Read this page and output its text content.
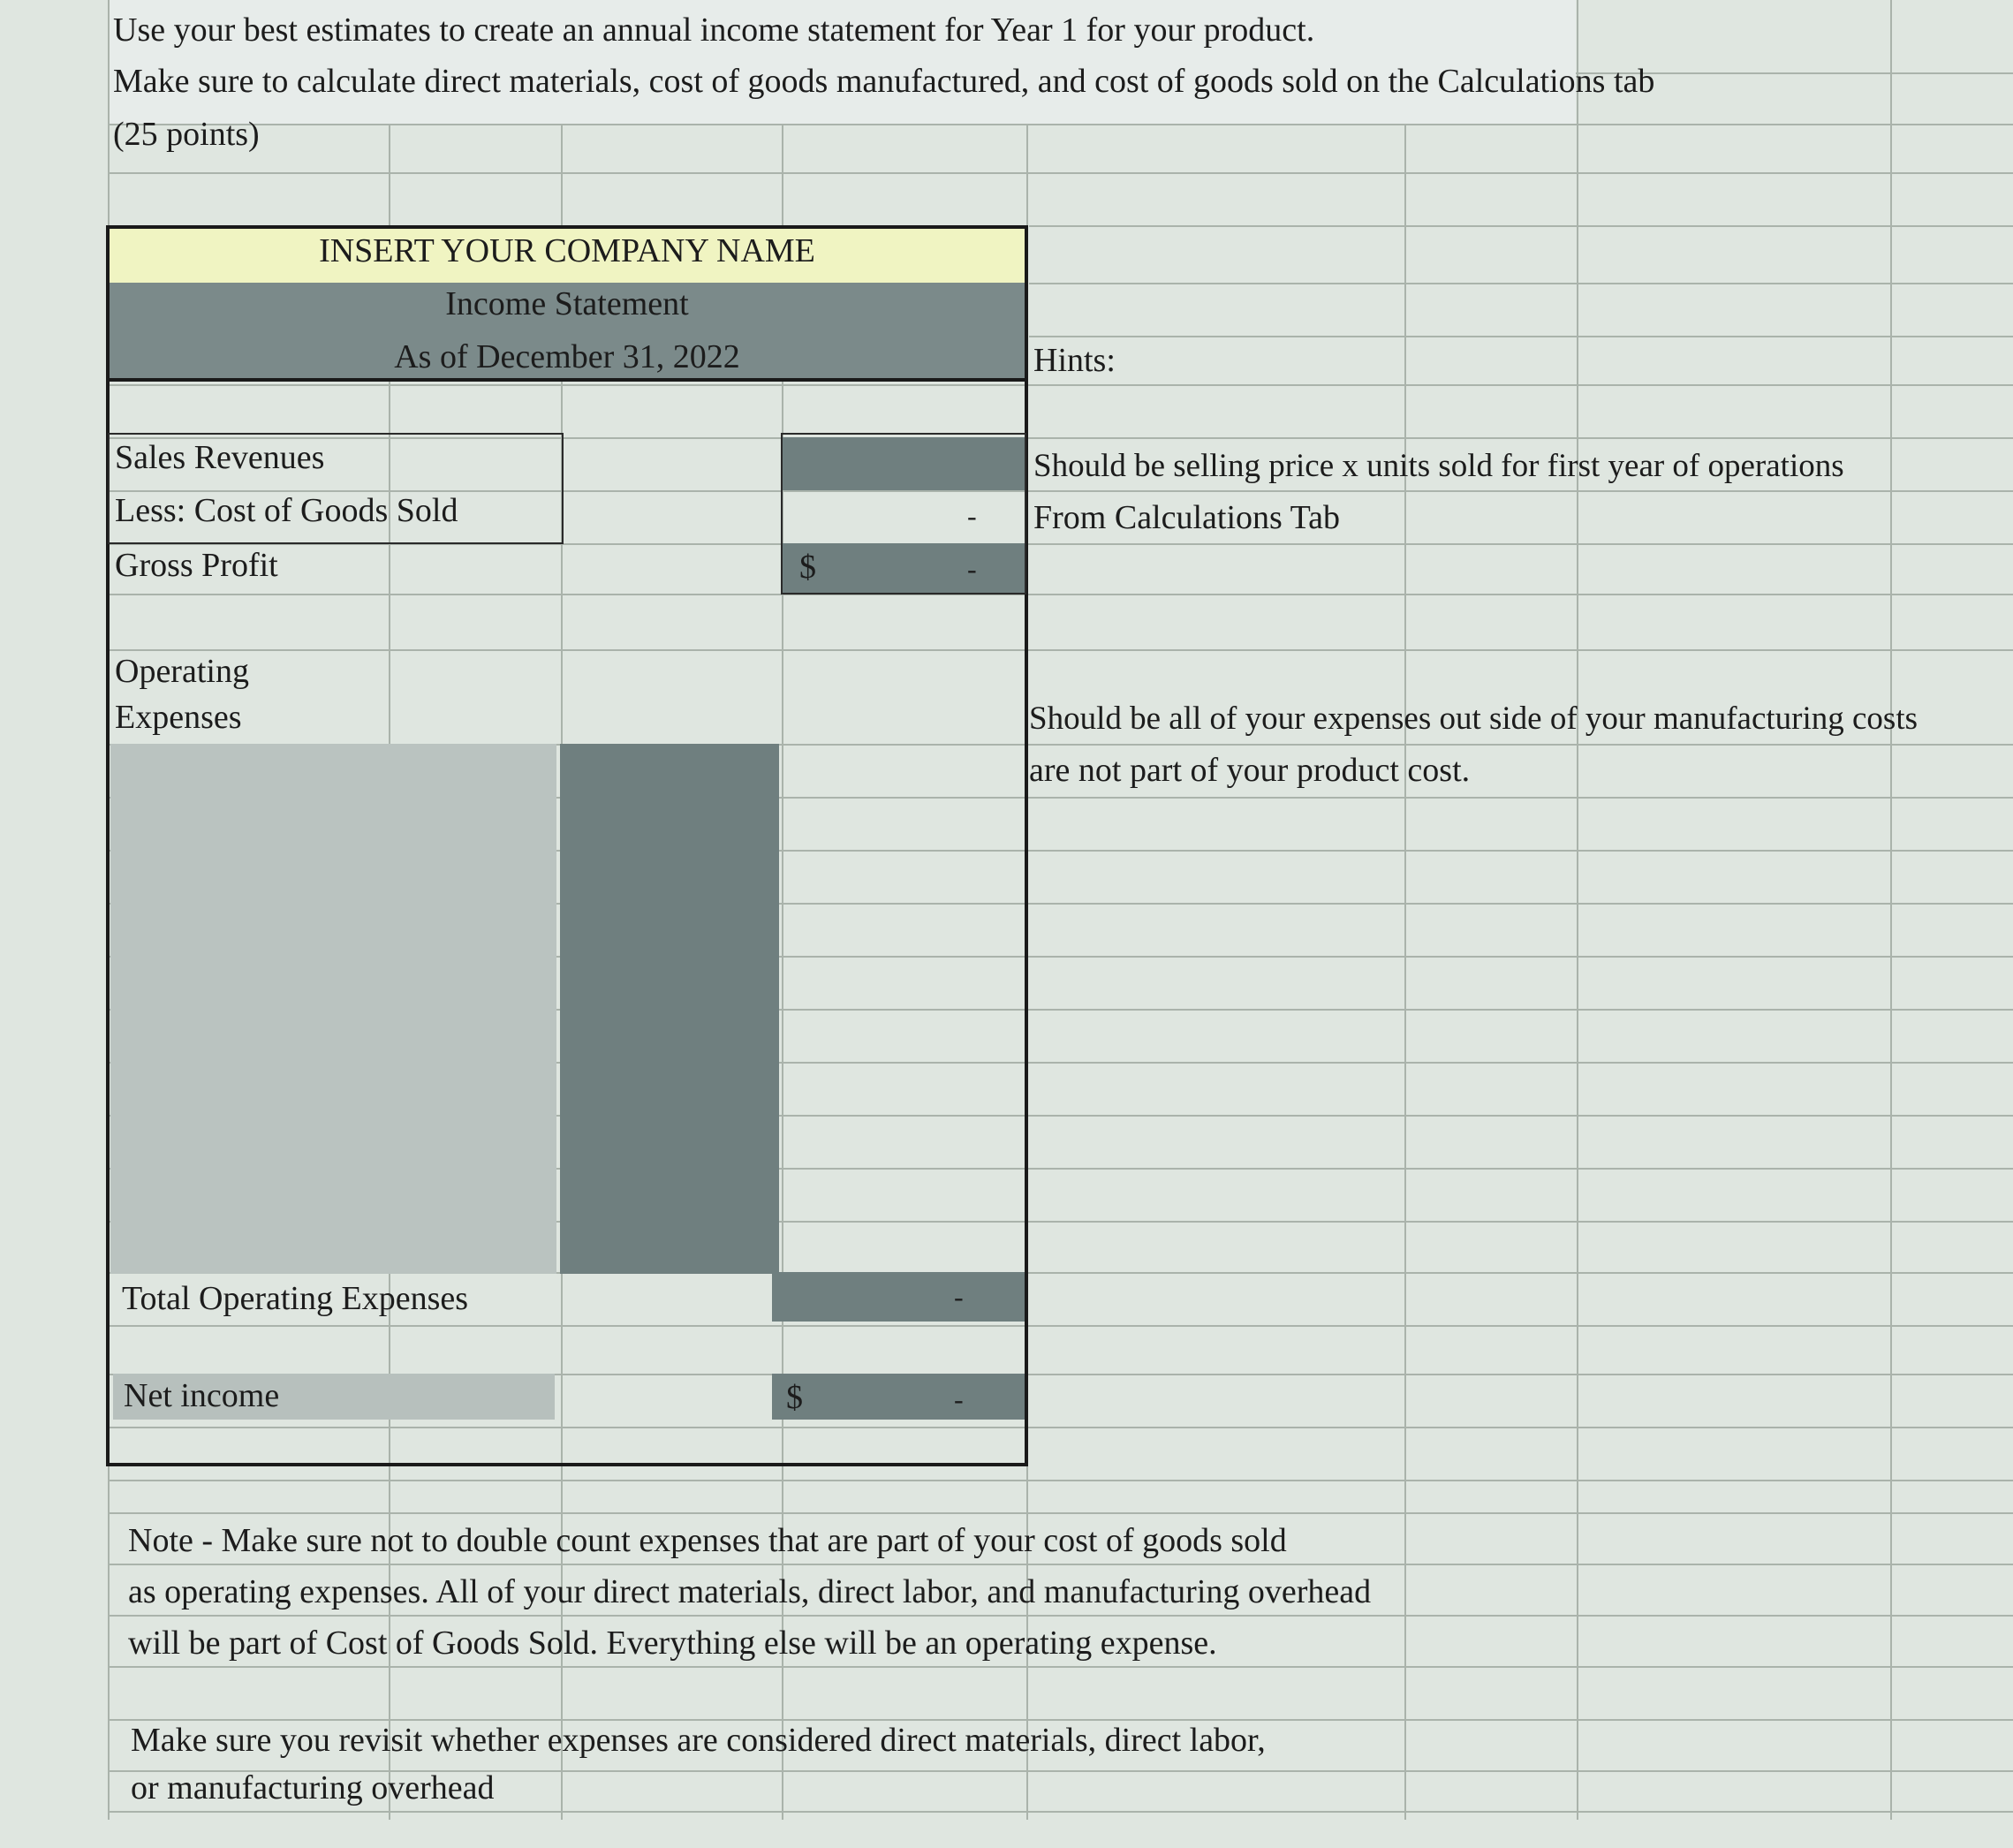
Use your best estimates to create an annual income statement for Year 1 for your product.
Make sure to calculate direct materials, cost of goods manufactured, and cost of goods sold on the Calculations tab
(25 points)
INSERT YOUR COMPANY NAME
Income Statement
As of December 31, 2022
Sales Revenues
Less: Cost of Goods Sold	-
Gross Profit	$	-
Operating
Expenses
Total Operating Expenses	-
Net income	$	-
Hints:
Should be selling price x units sold for first year of operations
From Calculations Tab
Should be all of your expenses out side of your manufacturing costs
are not part of your product cost.
Note - Make sure not to double count expenses that are part of your cost of goods sold
as operating expenses. All of your direct materials, direct labor, and manufacturing overhead
will be part of Cost of Goods Sold. Everything else will be an operating expense.
Make sure you revisit whether expenses are considered direct materials, direct labor,
or manufacturing overhead
